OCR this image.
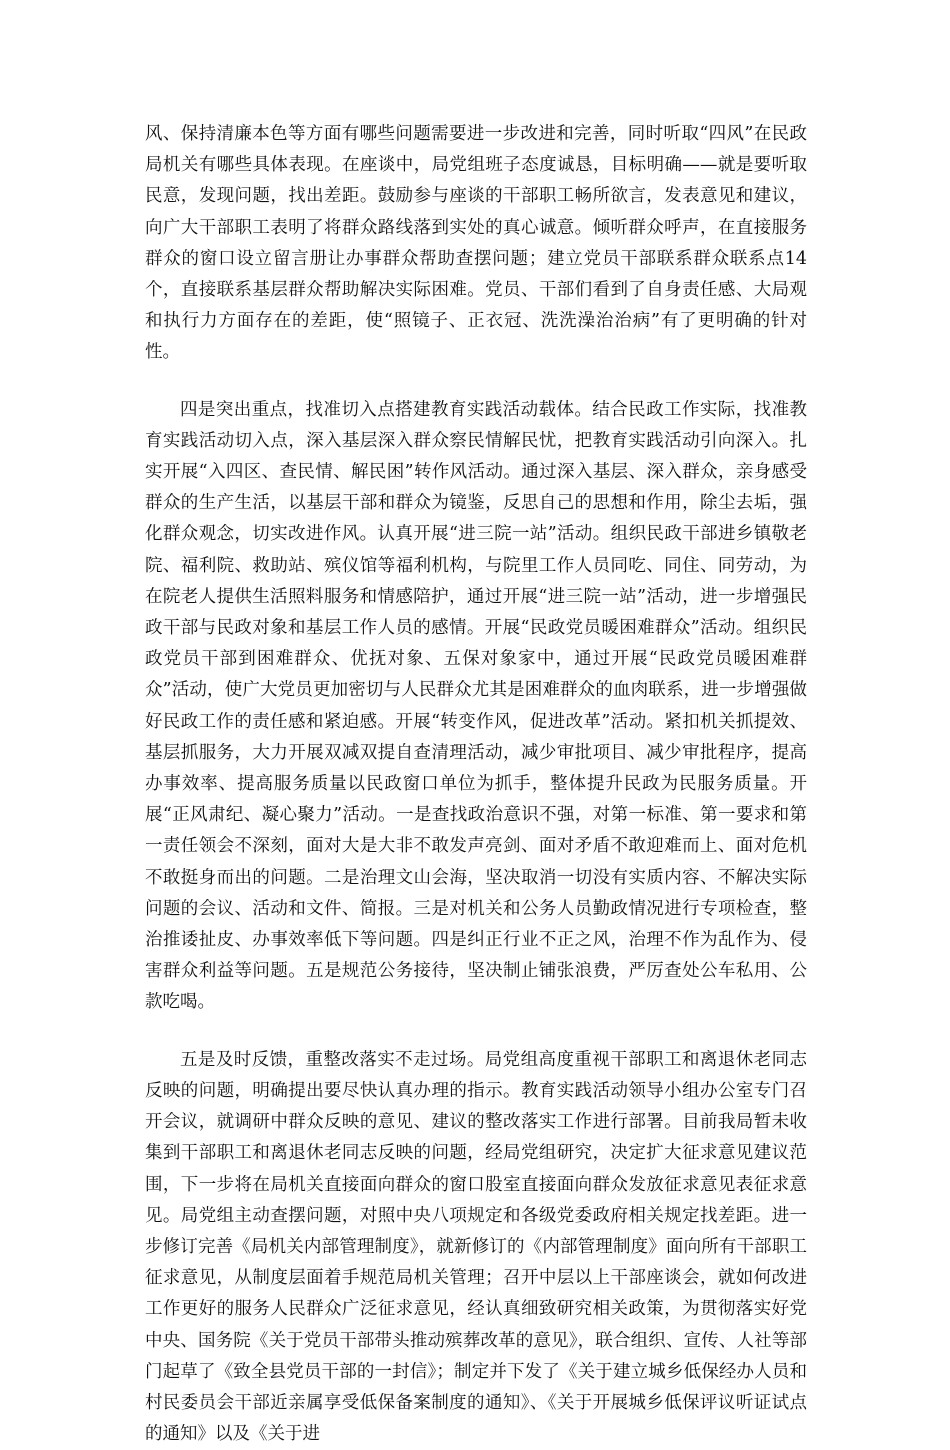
风、保持清廉本色等方面有哪些问题需要进一步改进和完善，同时听取“四风”在民政局机关有哪些具体表现。在座谈中，局党组班子态度诚恳，目标明确——就是要听取民意，发现问题，找出差距。鼓励参与座谈的干部职工畅所欲言，发表意见和建议，向广大干部职工表明了将群众路线落到实处的真心诚意。倾听群众呼声，在直接服务群众的窗口设立留言册让办事群众帮助查摆问题；建立党员干部联系群众联系点14个，直接联系基层群众帮助解决实际困难。党员、干部们看到了自身责任感、大局观和执行力方面存在的差距，使“照镜子、正衣冠、洗洗澡治治病”有了更明确的针对性。

四是突出重点，找准切入点搭建教育实践活动载体。结合民政工作实际，找准教育实践活动切入点，深入基层深入群众察民情解民忧，把教育实践活动引向深入。扎实开展“入四区、查民情、解民困”转作风活动。通过深入基层、深入群众，亲身感受群众的生产生活，以基层干部和群众为镜鉴，反思自己的思想和作用，除尘去垢，强化群众观念，切实改进作风。认真开展“进三院一站”活动。组织民政干部进乡镇敬老院、福利院、救助站、殡仪馆等福利机构，与院里工作人员同吃、同住、同劳动，为在院老人提供生活照料服务和情感陪护，通过开展“进三院一站”活动，进一步增强民政干部与民政对象和基层工作人员的感情。开展“民政党员暖困难群众”活动。组织民政党员干部到困难群众、优抚对象、五保对象家中，通过开展“民政党员暖困难群众”活动，使广大党员更加密切与人民群众尤其是困难群众的血肉联系，进一步增强做好民政工作的责任感和紧迫感。开展“转变作风，促进改革”活动。紧扣机关抓提效、基层抓服务，大力开展双减双提自查清理活动，减少审批项目、减少审批程序，提高办事效率、提高服务质量以民政窗口单位为抓手，整体提升民政为民服务质量。开展“正风肃纪、凝心聚力”活动。一是查找政治意识不强，对第一标准、第一要求和第一责任领会不深刻，面对大是大非不敢发声亮剑、面对矛盾不敢迎难而上、面对危机不敢挺身而出的问题。二是治理文山会海，坚决取消一切没有实质内容、不解决实际问题的会议、活动和文件、简报。三是对机关和公务人员勤政情况进行专项检查，整治推诿扯皮、办事效率低下等问题。四是纠正行业不正之风，治理不作为乱作为、侵害群众利益等问题。五是规范公务接待，坚决制止铺张浪费，严厉查处公车私用、公款吃喝。

五是及时反馈，重整改落实不走过场。局党组高度重视干部职工和离退休老同志反映的问题，明确提出要尽快认真办理的指示。教育实践活动领导小组办公室专门召开会议，就调研中群众反映的意见、建议的整改落实工作进行部署。目前我局暂未收集到干部职工和离退休老同志反映的问题，经局党组研究，决定扩大征求意见建议范围，下一步将在局机关直接面向群众的窗口股室直接面向群众发放征求意见表征求意见。局党组主动查摆问题，对照中央八项规定和各级党委政府相关规定找差距。进一步修订完善《局机关内部管理制度》，就新修订的《内部管理制度》面向所有干部职工征求意见，从制度层面着手规范局机关管理；召开中层以上干部座谈会，就如何改进工作更好的服务人民群众广泛征求意见，经认真细致研究相关政策，为贯彻落实好党中央、国务院《关于党员干部带头推动殡葬改革的意见》，联合组织、宣传、人社等部门起草了《致全县党员干部的一封信》；制定并下发了《关于建立城乡低保经办人员和村民委员会干部近亲属享受低保备案制度的通知》、《关于开展城乡低保评议听证试点的通知》以及《关于进
